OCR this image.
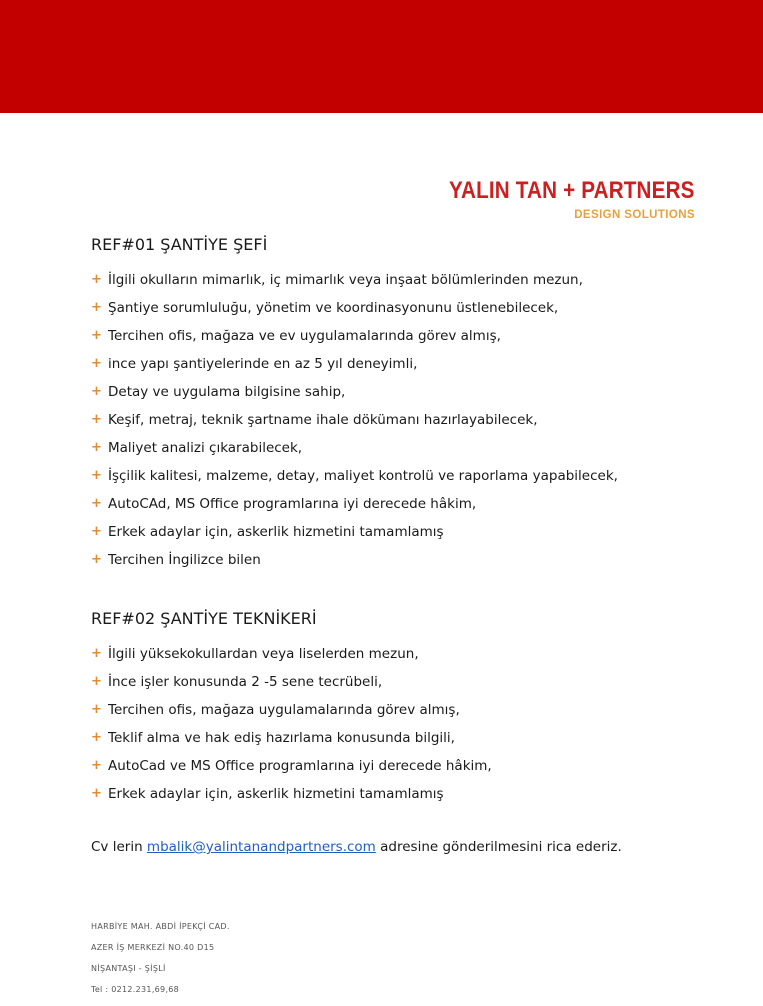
YALIN TAN + PARTNERS
DESIGN SOLUTIONS
REF#01 ŞANTİYE ŞEFİ
+ İlgili okulların mimarlık, iç mimarlık veya inşaat bölümlerinden mezun,
+ Şantiye sorumluluğu, yönetim ve koordinasyonunu üstlenebilecek,
+ Tercihen ofis, mağaza ve ev uygulamalarında görev almış,
+ ince yapı şantiyelerinde en az 5 yıl deneyimli,
+ Detay ve uygulama bilgisine sahip,
+ Keşif, metraj, teknik şartname ihale dökümanı hazırlayabilecek,
+ Maliyet analizi çıkarabilecek,
+ İşçilik kalitesi, malzeme, detay, maliyet kontrolü ve raporlama yapabilecek,
+ AutoCAd, MS Office programlarına iyi derecede hâkim,
+ Erkek adaylar için, askerlik hizmetini tamamlamış
+ Tercihen İngilizce bilen
REF#02 ŞANTİYE TEKNİKERİ
+ İlgili yüksekokullardan veya liselerden mezun,
+ İnce işler konusunda 2 -5 sene tecrübeli,
+ Tercihen ofis, mağaza uygulamalarında görev almış,
+ Teklif alma ve hak ediş hazırlama konusunda bilgili,
+ AutoCad ve MS Office programlarına iyi derecede hâkim,
+ Erkek adaylar için, askerlik hizmetini tamamlamış
Cv lerin mbalik@yalintanandpartners.com adresine gönderilmesini rica ederiz.
HARBİYE MAH. ABDİ İPEKÇİ CAD.
AZER İŞ MERKEZİ NO.40 D15
NİŞANTAŞI - ŞİŞLİ
Tel : 0212.231,69,68
